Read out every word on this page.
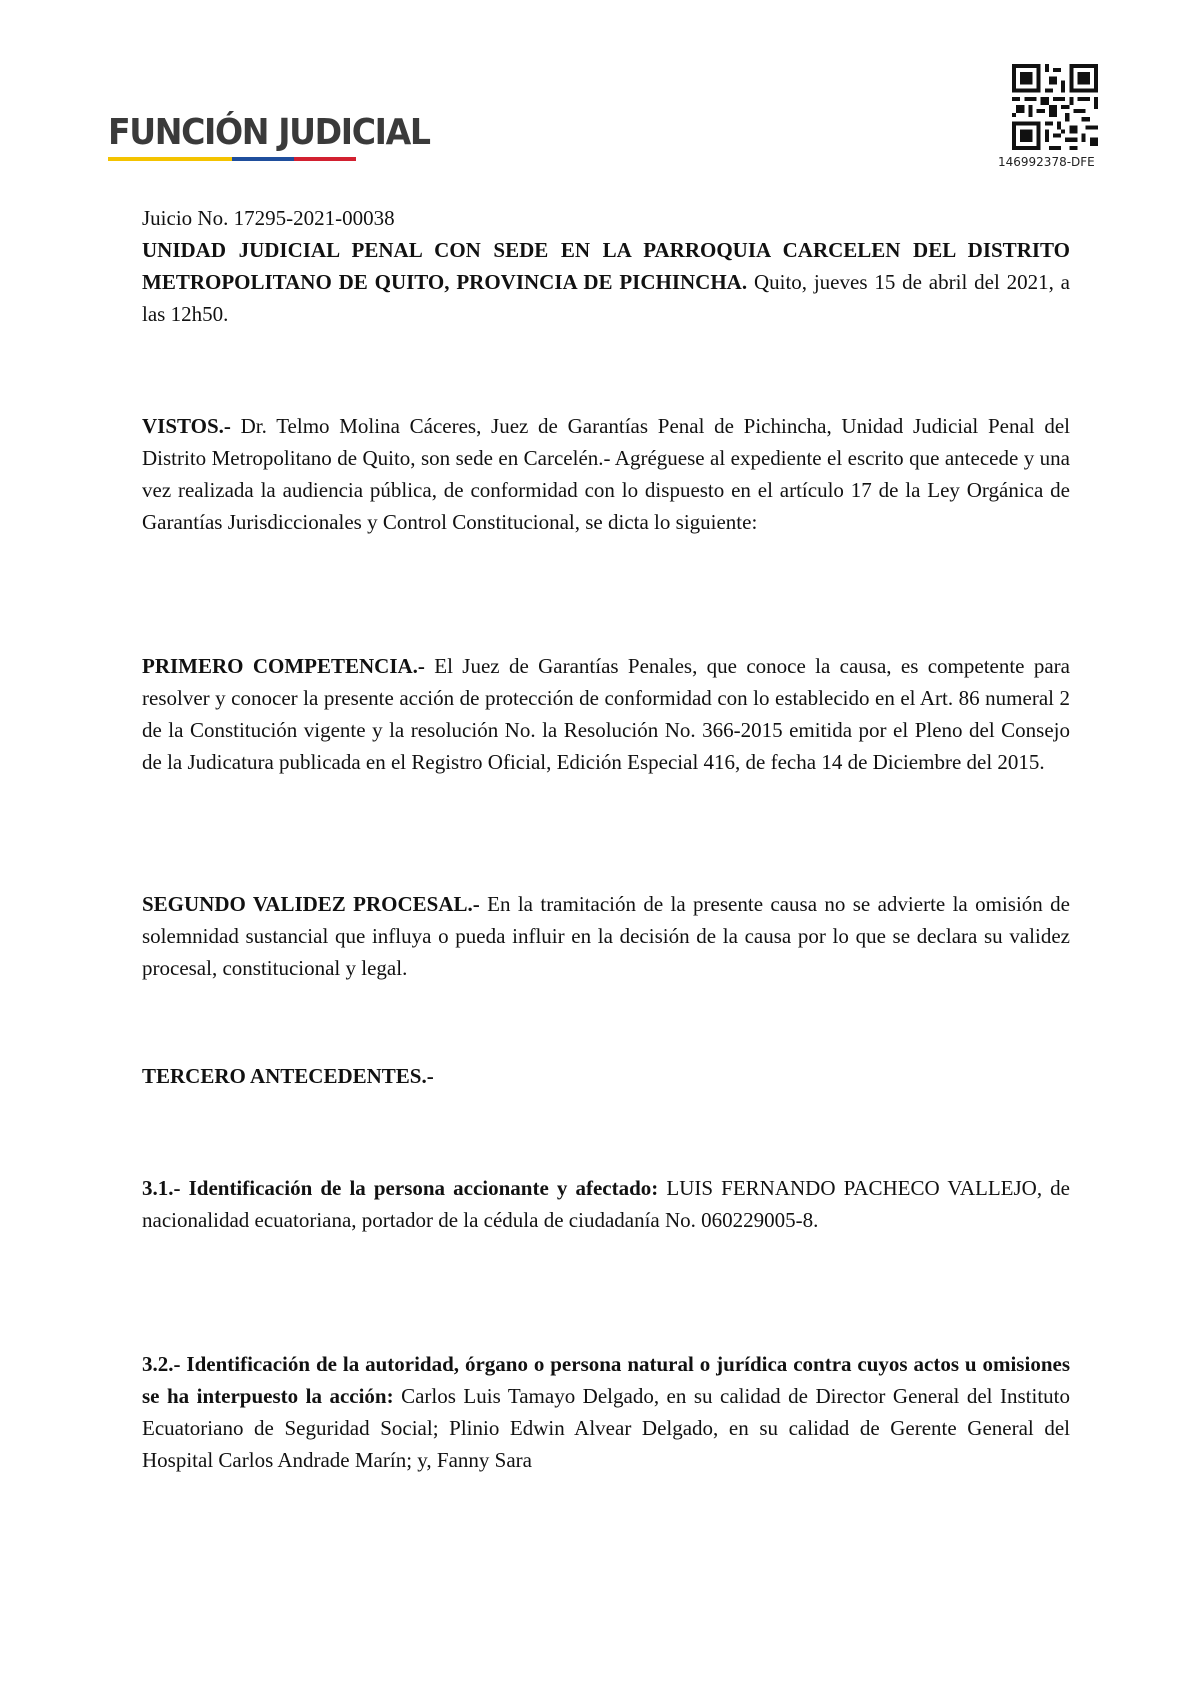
FUNCIÓN JUDICIAL
146992378-DFE

Juicio No. 17295-2021-00038

UNIDAD JUDICIAL PENAL CON SEDE EN LA PARROQUIA CARCELEN DEL DISTRITO METROPOLITANO DE QUITO, PROVINCIA DE PICHINCHA. Quito, jueves 15 de abril del 2021, a las 12h50.

VISTOS.- Dr. Telmo Molina Cáceres, Juez de Garantías Penal de Pichincha, Unidad Judicial Penal del Distrito Metropolitano de Quito, son sede en Carcelén.- Agréguese al expediente el escrito que antecede y una vez realizada la audiencia pública, de conformidad con lo dispuesto en el artículo 17 de la Ley Orgánica de Garantías Jurisdiccionales y Control Constitucional, se dicta lo siguiente:

PRIMERO COMPETENCIA.- El Juez de Garantías Penales, que conoce la causa, es competente para resolver y conocer la presente acción de protección de conformidad con lo establecido en el Art. 86 numeral 2 de la Constitución vigente y la resolución No. la Resolución No. 366-2015 emitida por el Pleno del Consejo de la Judicatura publicada en el Registro Oficial, Edición Especial 416, de fecha 14 de Diciembre del 2015.

SEGUNDO VALIDEZ PROCESAL.- En la tramitación de la presente causa no se advierte la omisión de solemnidad sustancial que influya o pueda influir en la decisión de la causa por lo que se declara su validez procesal, constitucional y legal.

TERCERO ANTECEDENTES.-

3.1.- Identificación de la persona accionante y afectado: LUIS FERNANDO PACHECO VALLEJO, de nacionalidad ecuatoriana, portador de la cédula de ciudadanía No. 060229005-8.

3.2.- Identificación de la autoridad, órgano o persona natural o jurídica contra cuyos actos u omisiones se ha interpuesto la acción: Carlos Luis Tamayo Delgado, en su calidad de Director General del Instituto Ecuatoriano de Seguridad Social; Plinio Edwin Alvear Delgado, en su calidad de Gerente General del Hospital Carlos Andrade Marín; y, Fanny Sara
